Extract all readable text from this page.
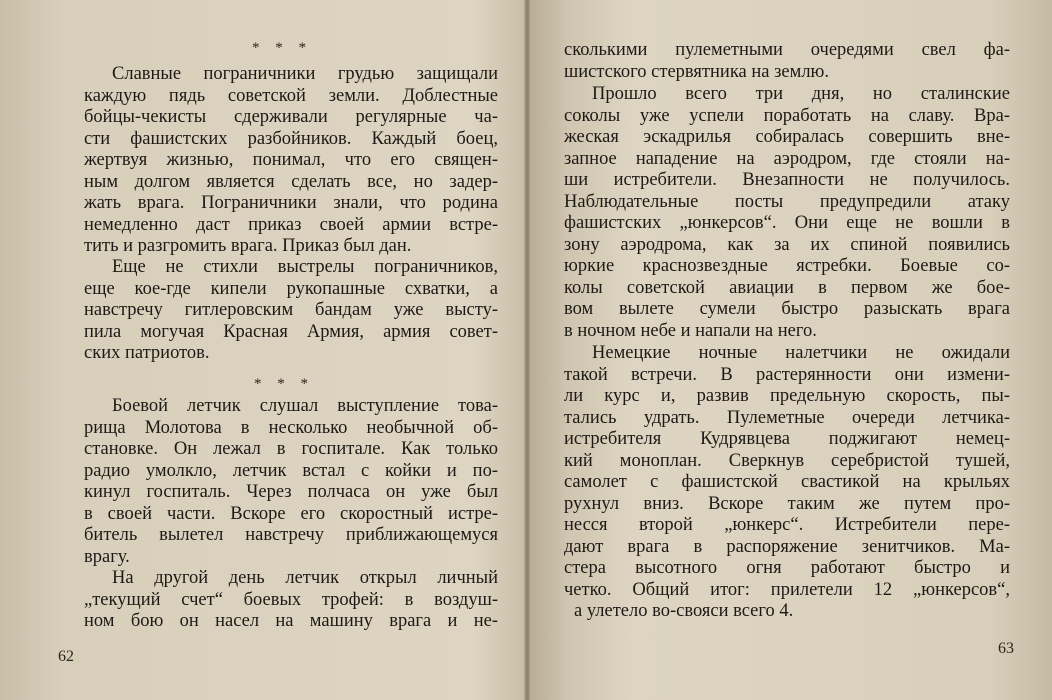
* * *
Славные пограничники грудью защищали
каждую пядь советской земли. Доблестные
бойцы-чекисты сдерживали регулярные ча-
сти фашистских разбойников. Каждый боец,
жертвуя жизнью, понимал, что его священ-
ным долгом является сделать все, но задер-
жать врага. Пограничники знали, что родина
немедленно даст приказ своей армии встре-
тить и разгромить врага. Приказ был дан.
Еще не стихли выстрелы пограничников,
еще кое-где кипели рукопашные схватки, а
навстречу гитлеровским бандам уже высту-
пила могучая Красная Армия, армия совет-
ских патриотов.
* * *
Боевой летчик слушал выступление това-
рища Молотова в несколько необычной об-
становке. Он лежал в госпитале. Как только
радио умолкло, летчик встал с койки и по-
кинул госпиталь. Через полчаса он уже был
в своей части. Вскоре его скоростный истре-
битель вылетел навстречу приближающемуся
врагу.
На другой день летчик открыл личный
„текущий счет“ боевых трофей: в воздуш-
ном бою он насел на машину врага и не-
62
сколькими пулеметными очередями свел фа-
шистского стервятника на землю.
Прошло всего три дня, но сталинские
соколы уже успели поработать на славу. Вра-
жеская эскадрилья собиралась совершить вне-
запное нападение на аэродром, где стояли на-
ши истребители. Внезапности не получилось.
Наблюдательные посты предупредили атаку
фашистских „юнкерсов“. Они еще не вошли в
зону аэродрома, как за их спиной появились
юркие краснозвездные ястребки. Боевые со-
колы советской авиации в первом же бое-
вом вылете сумели быстро разыскать врага
в ночном небе и напали на него.
Немецкие ночные налетчики не ожидали
такой встречи. В растерянности они измени-
ли курс и, развив предельную скорость, пы-
тались удрать. Пулеметные очереди летчика-
истребителя Кудрявцева поджигают немец-
кий моноплан. Сверкнув серебристой тушей,
самолет с фашистской свастикой на крыльях
рухнул вниз. Вскоре таким же путем про-
несся второй „юнкерс“. Истребители пере-
дают врага в распоряжение зенитчиков. Ма-
стера высотного огня работают быстро и
четко. Общий итог: прилетели 12 „юнкерсов“,
а улетело во-свояси всего 4.
63
